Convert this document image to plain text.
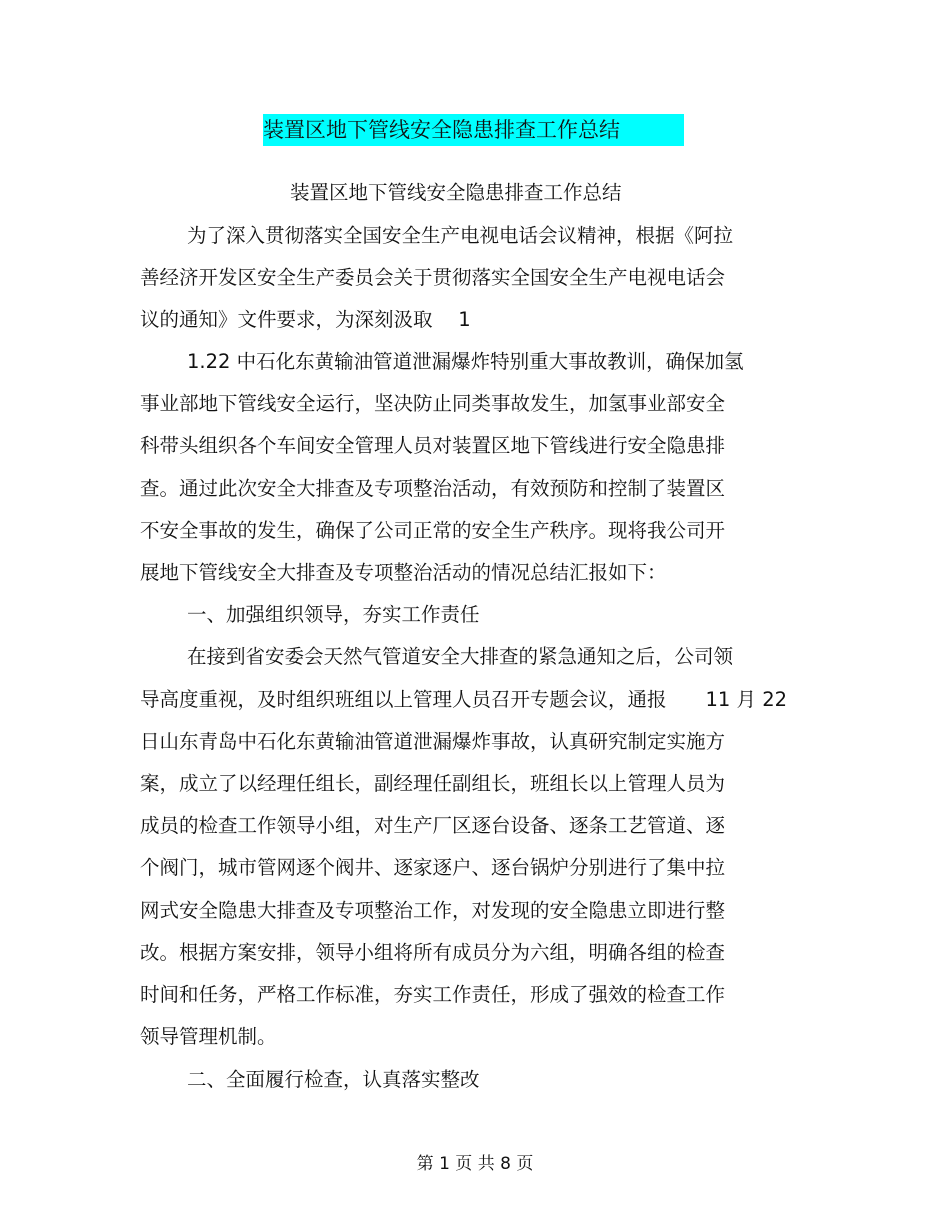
装置区地下管线安全隐患排查工作总结
装置区地下管线安全隐患排查工作总结
为了深入贯彻落实全国安全生产电视电话会议精神，根据《阿拉
善经济开发区安全生产委员会关于贯彻落实全国安全生产电视电话会
议的通知》文件要求，为深刻汲取　 1
1.22 中石化东黄输油管道泄漏爆炸特别重大事故教训，确保加氢
事业部地下管线安全运行，坚决防止同类事故发生，加氢事业部安全
科带头组织各个车间安全管理人员对装置区地下管线进行安全隐患排
查。通过此次安全大排查及专项整治活动，有效预防和控制了装置区
不安全事故的发生，确保了公司正常的安全生产秩序。现将我公司开
展地下管线安全大排查及专项整治活动的情况总结汇报如下：
一、加强组织领导，夯实工作责任
在接到省安委会天然气管道安全大排查的紧急通知之后，公司领
导高度重视，及时组织班组以上管理人员召开专题会议，通报　　11 月 22
日山东青岛中石化东黄输油管道泄漏爆炸事故，认真研究制定实施方
案，成立了以经理任组长，副经理任副组长，班组长以上管理人员为
成员的检查工作领导小组，对生产厂区逐台设备、逐条工艺管道、逐
个阀门，城市管网逐个阀井、逐家逐户、逐台锅炉分别进行了集中拉
网式安全隐患大排查及专项整治工作，对发现的安全隐患立即进行整
改。根据方案安排，领导小组将所有成员分为六组，明确各组的检查
时间和任务，严格工作标准，夯实工作责任，形成了强效的检查工作
领导管理机制。
二、全面履行检查，认真落实整改
第 1 页 共 8 页
